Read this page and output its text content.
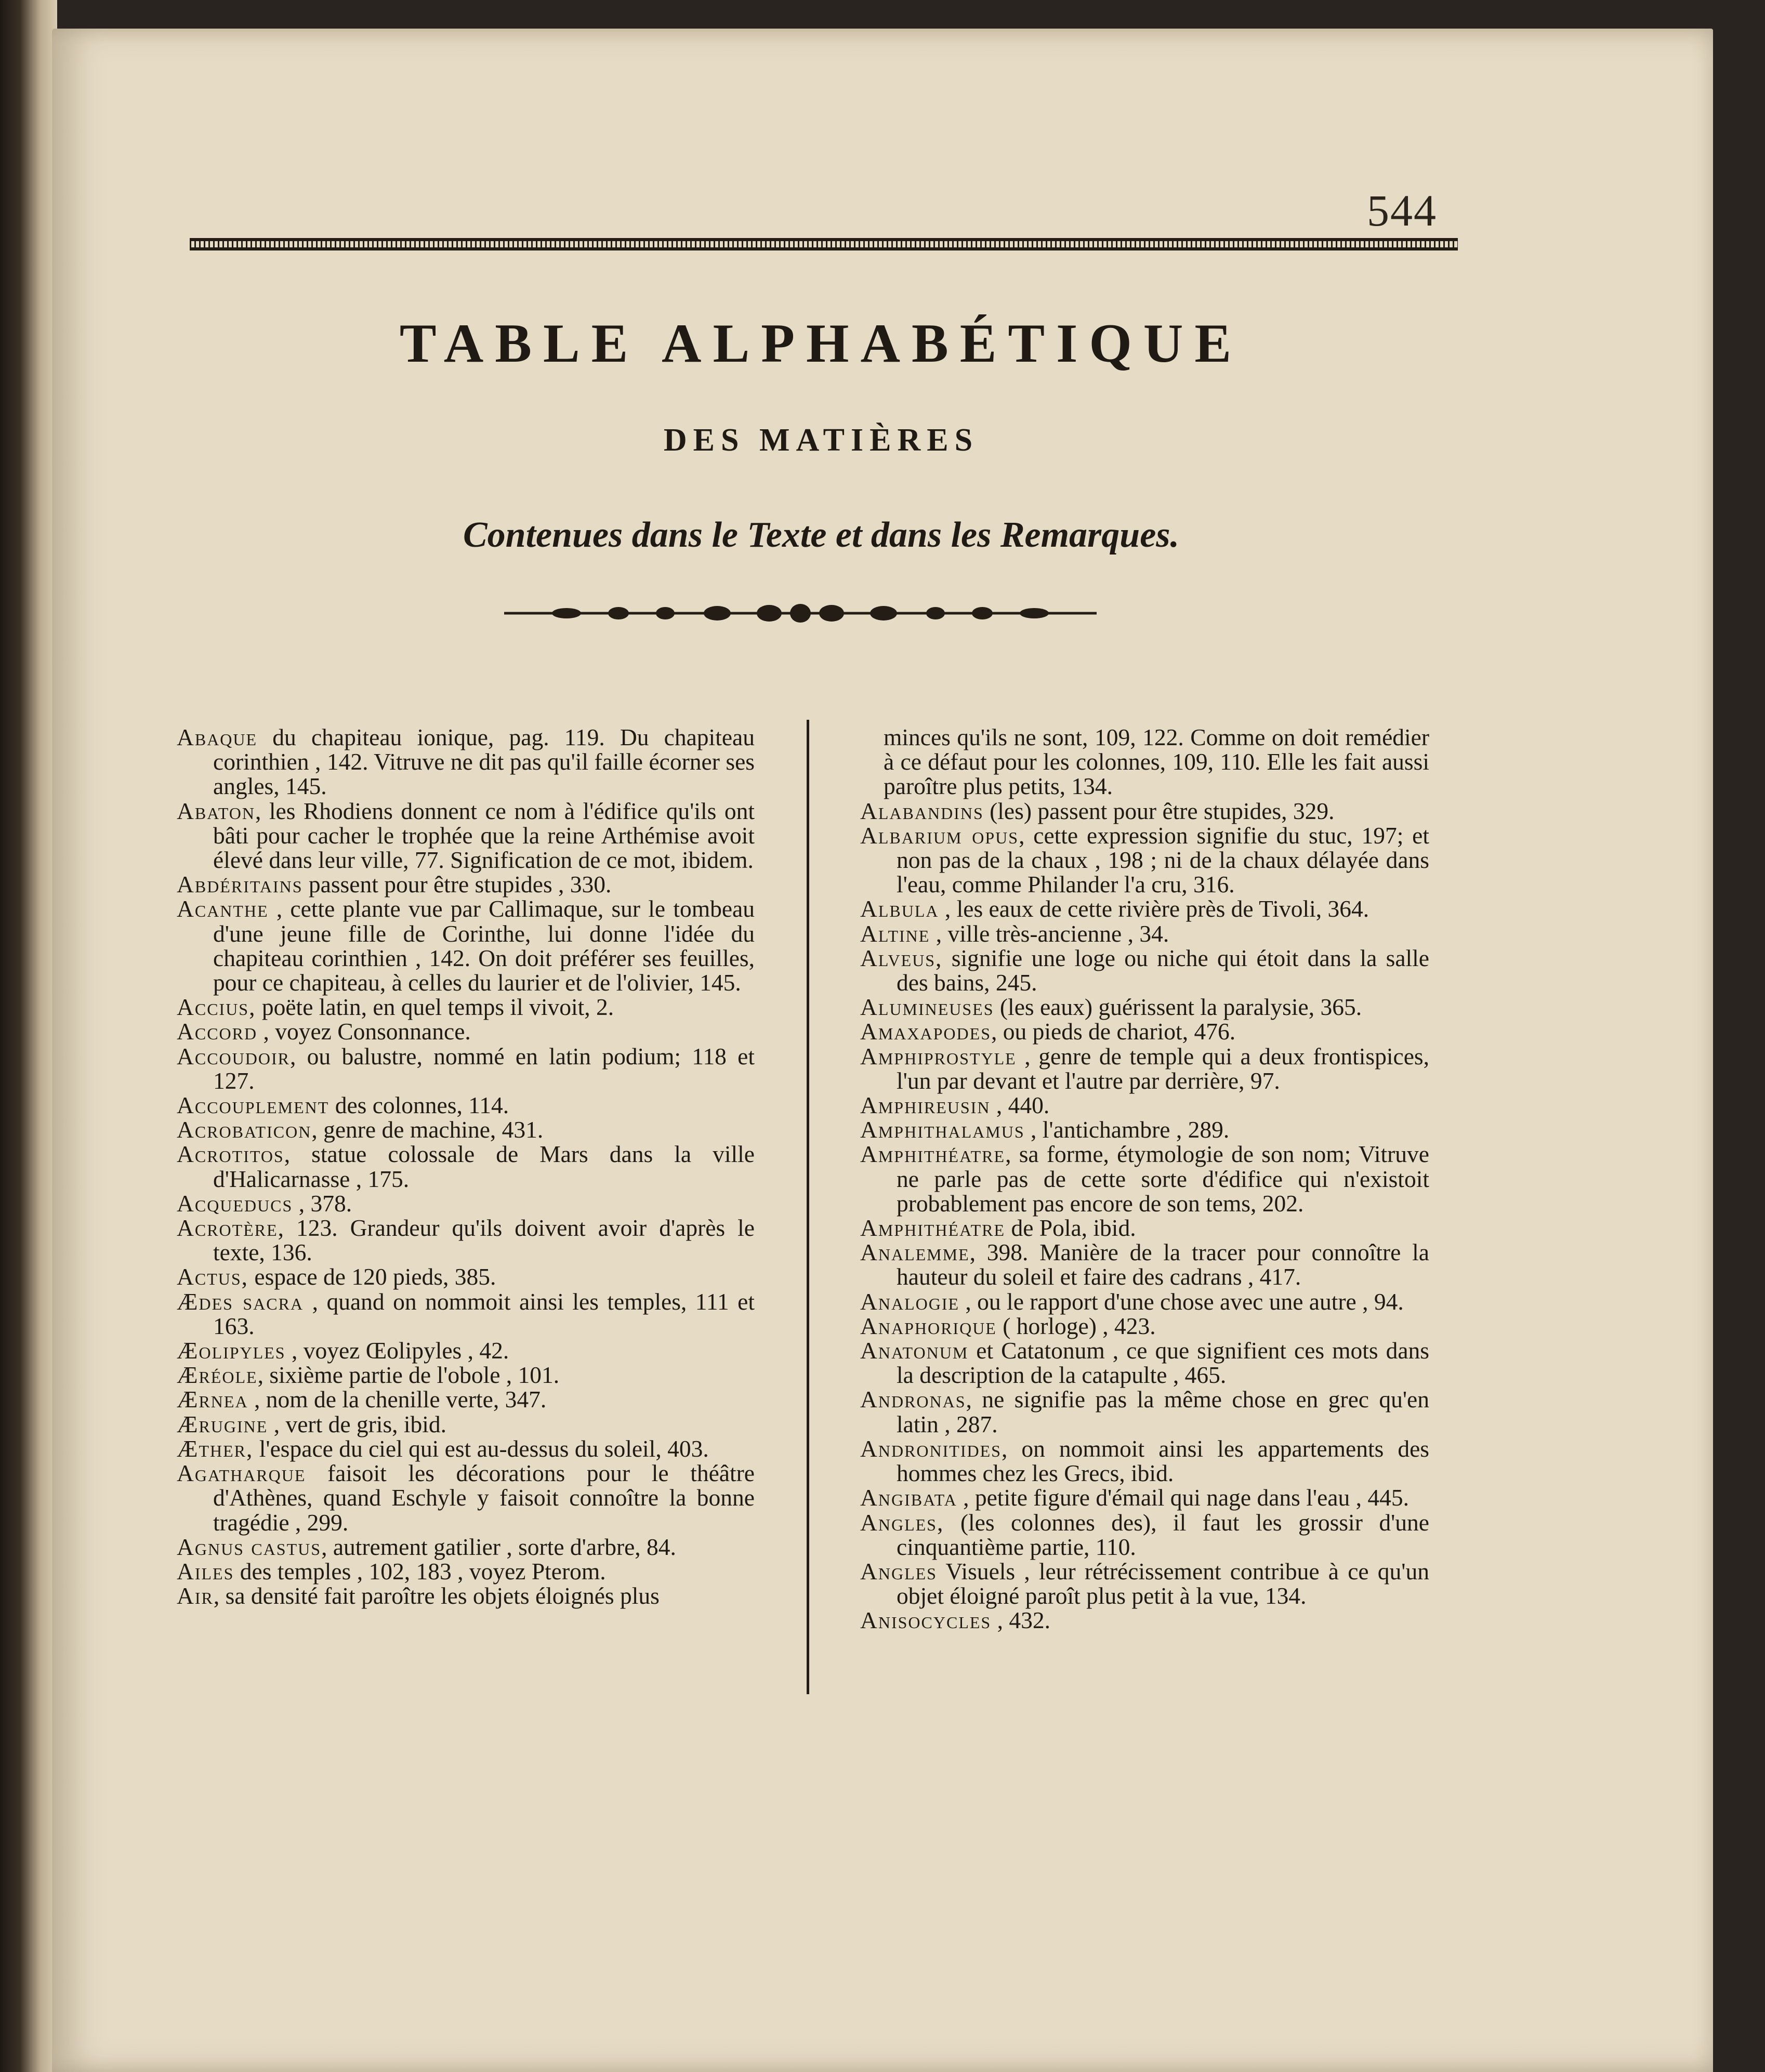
544
TABLE ALPHABÉTIQUE
DES MATIÈRES
Contenues dans le Texte et dans les Remarques.

Abaque du chapiteau ionique, pag. 119. Du chapiteau corinthien , 142. Vitruve ne dit pas qu'il faille écorner ses angles, 145.

Abaton, les Rhodiens donnent ce nom à l'édifice qu'ils ont bâti pour cacher le trophée que la reine Arthémise avoit élevé dans leur ville, 77. Signification de ce mot, ibidem.

Abdéritains passent pour être stupides , 330.

Acanthe , cette plante vue par Callimaque, sur le tombeau d'une jeune fille de Corinthe, lui donne l'idée du chapiteau corinthien , 142. On doit préférer ses feuilles, pour ce chapiteau, à celles du laurier et de l'olivier, 145.

Accius, poëte latin, en quel temps il vivoit, 2.

Accord , voyez Consonnance.

Accoudoir, ou balustre, nommé en latin podium; 118 et 127.

Accouplement des colonnes, 114.

Acrobaticon, genre de machine, 431.

Acrotitos, statue colossale de Mars dans la ville d'Halicarnasse , 175.

Acqueducs , 378.

Acrotère, 123. Grandeur qu'ils doivent avoir d'après le texte, 136.

Actus, espace de 120 pieds, 385.

Ædes sacra , quand on nommoit ainsi les temples, 111 et 163.

Æolipyles , voyez Œolipyles , 42.

Æréole, sixième partie de l'obole , 101.

Ærnea , nom de la chenille verte, 347.

Ærugine , vert de gris, ibid.

Æther, l'espace du ciel qui est au-dessus du soleil, 403.

Agatharque faisoit les décorations pour le théâtre d'Athènes, quand Eschyle y faisoit connoître la bonne tragédie , 299.

Agnus castus, autrement gatilier , sorte d'arbre, 84.

Ailes des temples , 102, 183 , voyez Pterom.

Air, sa densité fait paroître les objets éloignés plus

minces qu'ils ne sont, 109, 122. Comme on doit remédier à ce défaut pour les colonnes, 109, 110. Elle les fait aussi paroître plus petits, 134.

Alabandins (les) passent pour être stupides, 329.

Albarium opus, cette expression signifie du stuc, 197; et non pas de la chaux , 198 ; ni de la chaux délayée dans l'eau, comme Philander l'a cru, 316.

Albula , les eaux de cette rivière près de Tivoli, 364.

Altine , ville très-ancienne , 34.

Alveus, signifie une loge ou niche qui étoit dans la salle des bains, 245.

Alumineuses (les eaux) guérissent la paralysie, 365.

Amaxapodes, ou pieds de chariot, 476.

Amphiprostyle , genre de temple qui a deux frontispices, l'un par devant et l'autre par derrière, 97.

Amphireusin , 440.

Amphithalamus , l'antichambre , 289.

Amphithéatre, sa forme, étymologie de son nom; Vitruve ne parle pas de cette sorte d'édifice qui n'existoit probablement pas encore de son tems, 202.

Amphithéatre de Pola, ibid.

Analemme, 398. Manière de la tracer pour connoître la hauteur du soleil et faire des cadrans , 417.

Analogie , ou le rapport d'une chose avec une autre , 94.

Anaphorique ( horloge) , 423.

Anatonum et Catatonum , ce que signifient ces mots dans la description de la catapulte , 465.

Andronas, ne signifie pas la même chose en grec qu'en latin , 287.

Andronitides, on nommoit ainsi les appartements des hommes chez les Grecs, ibid.

Angibata , petite figure d'émail qui nage dans l'eau , 445.

Angles, (les colonnes des), il faut les grossir d'une cinquantième partie, 110.

Angles Visuels , leur rétrécissement contribue à ce qu'un objet éloigné paroît plus petit à la vue, 134.

Anisocycles , 432.
